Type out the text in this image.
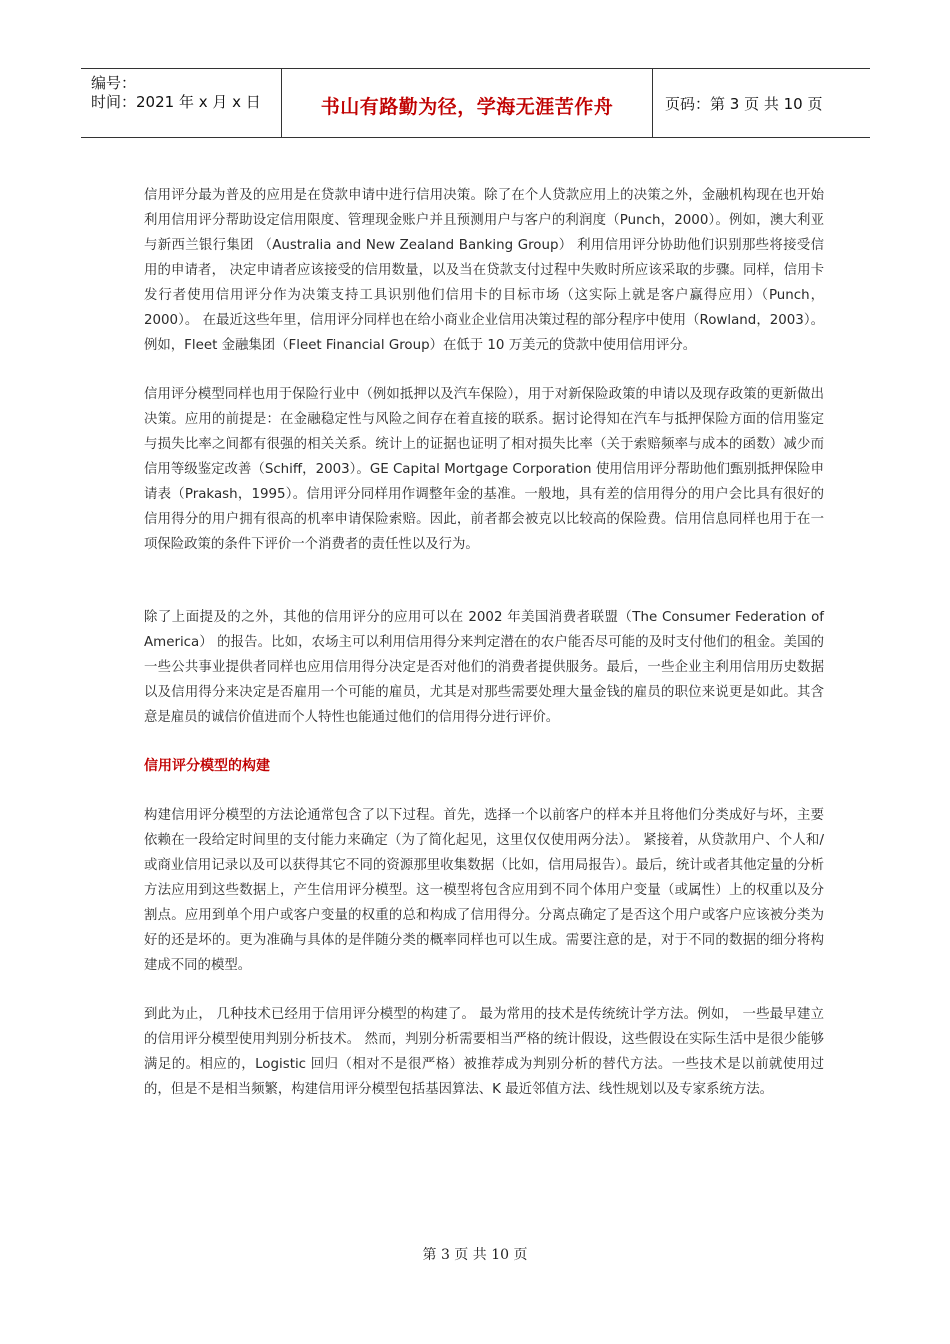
编号：
时间：2021 年 x 月 x 日	书山有路勤为径，学海无涯苦作舟	页码：第 3 页 共 10 页

信用评分最为普及的应用是在贷款申请中进行信用决策。除了在个人贷款应用上的决策之外，金融机构现在也开始利用信用评分帮助设定信用限度、管理现金账户并且预测用户与客户的利润度（Punch，2000）。例如，澳大利亚与新西兰银行集团 （Australia and New Zealand Banking Group） 利用信用评分协助他们识别那些将接受信用的申请者， 决定申请者应该接受的信用数量，以及当在贷款支付过程中失败时所应该采取的步骤。同样，信用卡发行者使用信用评分作为决策支持工具识别他们信用卡的目标市场（这实际上就是客户赢得应用）（Punch，2000）。 在最近这些年里，信用评分同样也在给小商业企业信用决策过程的部分程序中使用（Rowland，2003）。例如，Fleet 金融集团（Fleet Financial Group）在低于 10 万美元的贷款中使用信用评分。

信用评分模型同样也用于保险行业中（例如抵押以及汽车保险），用于对新保险政策的申请以及现存政策的更新做出决策。应用的前提是：在金融稳定性与风险之间存在着直接的联系。据讨论得知在汽车与抵押保险方面的信用鉴定与损失比率之间都有很强的相关关系。统计上的证据也证明了相对损失比率（关于索赔频率与成本的函数）减少而信用等级鉴定改善（Schiff，2003）。GE Capital Mortgage Corporation 使用信用评分帮助他们甄别抵押保险申请表（Prakash，1995）。信用评分同样用作调整年金的基准。一般地，具有差的信用得分的用户会比具有很好的信用得分的用户拥有很高的机率申请保险索赔。因此，前者都会被克以比较高的保险费。信用信息同样也用于在一项保险政策的条件下评价一个消费者的责任性以及行为。

除了上面提及的之外，其他的信用评分的应用可以在 2002 年美国消费者联盟（The Consumer Federation of America） 的报告。比如，农场主可以利用信用得分来判定潜在的农户能否尽可能的及时支付他们的租金。美国的一些公共事业提供者同样也应用信用得分决定是否对他们的消费者提供服务。最后，一些企业主利用信用历史数据以及信用得分来决定是否雇用一个可能的雇员，尤其是对那些需要处理大量金钱的雇员的职位来说更是如此。其含意是雇员的诚信价值进而个人特性也能通过他们的信用得分进行评价。

信用评分模型的构建

构建信用评分模型的方法论通常包含了以下过程。首先，选择一个以前客户的样本并且将他们分类成好与坏，主要依赖在一段给定时间里的支付能力来确定（为了简化起见，这里仅仅使用两分法）。 紧接着，从贷款用户、个人和/或商业信用记录以及可以获得其它不同的资源那里收集数据（比如，信用局报告）。最后，统计或者其他定量的分析方法应用到这些数据上，产生信用评分模型。这一模型将包含应用到不同个体用户变量（或属性）上的权重以及分割点。应用到单个用户或客户变量的权重的总和构成了信用得分。分离点确定了是否这个用户或客户应该被分类为好的还是坏的。更为准确与具体的是伴随分类的概率同样也可以生成。需要注意的是，对于不同的数据的细分将构建成不同的模型。

到此为止， 几种技术已经用于信用评分模型的构建了。 最为常用的技术是传统统计学方法。例如， 一些最早建立的信用评分模型使用判别分析技术。 然而，判别分析需要相当严格的统计假设，这些假设在实际生活中是很少能够满足的。相应的，Logistic 回归（相对不是很严格）被推荐成为判别分析的替代方法。一些技术是以前就使用过的，但是不是相当频繁，构建信用评分模型包括基因算法、K 最近邻值方法、线性规划以及专家系统方法。

第 3 页 共 10 页
